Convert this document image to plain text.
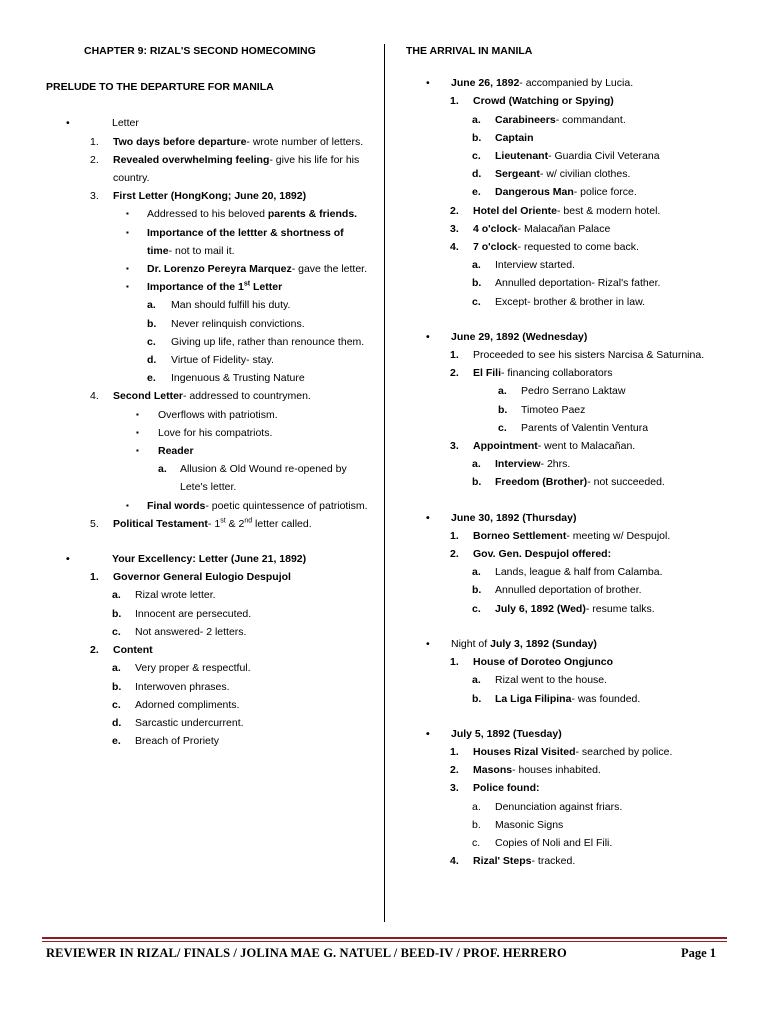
CHAPTER 9: RIZAL'S SECOND HOMECOMING
PRELUDE TO THE DEPARTURE FOR MANILA
•	Letter
1. Two days before departure- wrote number of letters.
2. Revealed overwhelming feeling- give his life for his country.
3. First Letter (HongKong; June 20, 1892)
▪ Addressed to his beloved parents & friends.
▪ Importance of the lettter & shortness of time- not to mail it.
▪ Dr. Lorenzo Pereyra Marquez- gave the letter.
▪ Importance of the 1st Letter
a. Man should fulfill his duty.
b. Never relinquish convictions.
c. Giving up life, rather than renounce them.
d. Virtue of Fidelity- stay.
e. Ingenuous & Trusting Nature
4. Second Letter- addressed to countrymen.
▪ Overflows with patriotism.
▪ Love for his compatriots.
▪ Reader
a. Allusion & Old Wound re-opened by Lete's letter.
▪ Final words- poetic quintessence of patriotism.
5. Political Testament- 1st & 2nd letter called.
•	Your Excellency: Letter (June 21, 1892)
1. Governor General Eulogio Despujol
a. Rizal wrote letter.
b. Innocent are persecuted.
c. Not answered- 2 letters.
2. Content
a. Very proper & respectful.
b. Interwoven phrases.
c. Adorned compliments.
d. Sarcastic undercurrent.
e. Breach of Proriety
THE ARRIVAL IN MANILA
• June 26, 1892- accompanied by Lucia.
1. Crowd (Watching or Spying)
a. Carabineers- commandant.
b. Captain
c. Lieutenant- Guardia Civil Veterana
d. Sergeant- w/ civilian clothes.
e. Dangerous Man- police force.
2. Hotel del Oriente- best & modern hotel.
3. 4 o'clock- Malacañan Palace
4. 7 o'clock- requested to come back.
a. Interview started.
b. Annulled deportation- Rizal's father.
c. Except- brother & brother in law.
• June 29, 1892 (Wednesday)
1. Proceeded to see his sisters Narcisa & Saturnina.
2. El Fili- financing collaborators
a. Pedro Serrano Laktaw
b. Timoteo Paez
c. Parents of Valentin Ventura
3. Appointment- went to Malacañan.
a. Interview- 2hrs.
b. Freedom (Brother)- not succeeded.
• June 30, 1892 (Thursday)
1. Borneo Settlement- meeting w/ Despujol.
2. Gov. Gen. Despujol offered:
a. Lands, league & half from Calamba.
b. Annulled deportation of brother.
c. July 6, 1892 (Wed)- resume talks.
• Night of July 3, 1892 (Sunday)
1. House of Doroteo Ongjunco
a. Rizal went to the house.
b. La Liga Filipina- was founded.
• July 5, 1892 (Tuesday)
1. Houses Rizal Visited- searched by police.
2. Masons- houses inhabited.
3. Police found:
a. Denunciation against friars.
b. Masonic Signs
c. Copies of Noli and El Fili.
4. Rizal' Steps- tracked.
REVIEWER IN RIZAL/ FINALS / JOLINA MAE G. NATUEL / BEED-IV / PROF. HERRERO	Page 1
